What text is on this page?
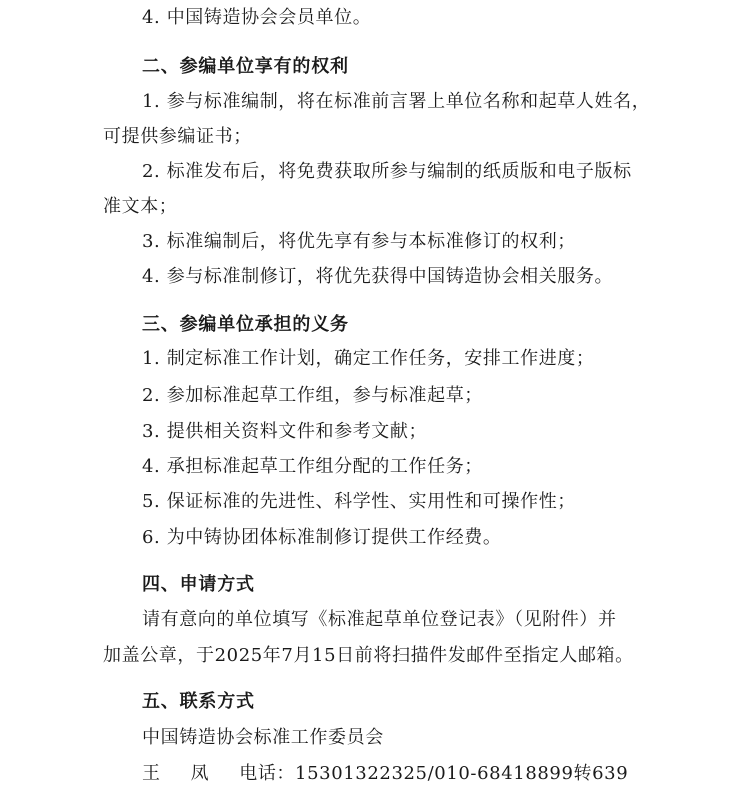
4. 中国铸造协会会员单位。
二、参编单位享有的权利
1. 参与标准编制，将在标准前言署上单位名称和起草人姓名，
可提供参编证书；
2. 标准发布后，将免费获取所参与编制的纸质版和电子版标
准文本；
3. 标准编制后，将优先享有参与本标准修订的权利；
4. 参与标准制修订，将优先获得中国铸造协会相关服务。
三、参编单位承担的义务
1. 制定标准工作计划，确定工作任务，安排工作进度；
2. 参加标准起草工作组，参与标准起草；
3. 提供相关资料文件和参考文献；
4. 承担标准起草工作组分配的工作任务；
5. 保证标准的先进性、科学性、实用性和可操作性；
6. 为中铸协团体标准制修订提供工作经费。
四、申请方式
请有意向的单位填写《标准起草单位登记表》（见附件）并
加盖公章，于2025年7月15日前将扫描件发邮件至指定人邮箱。
五、联系方式
中国铸造协会标准工作委员会
王 凤 电话：15301322325/010-68418899转639
